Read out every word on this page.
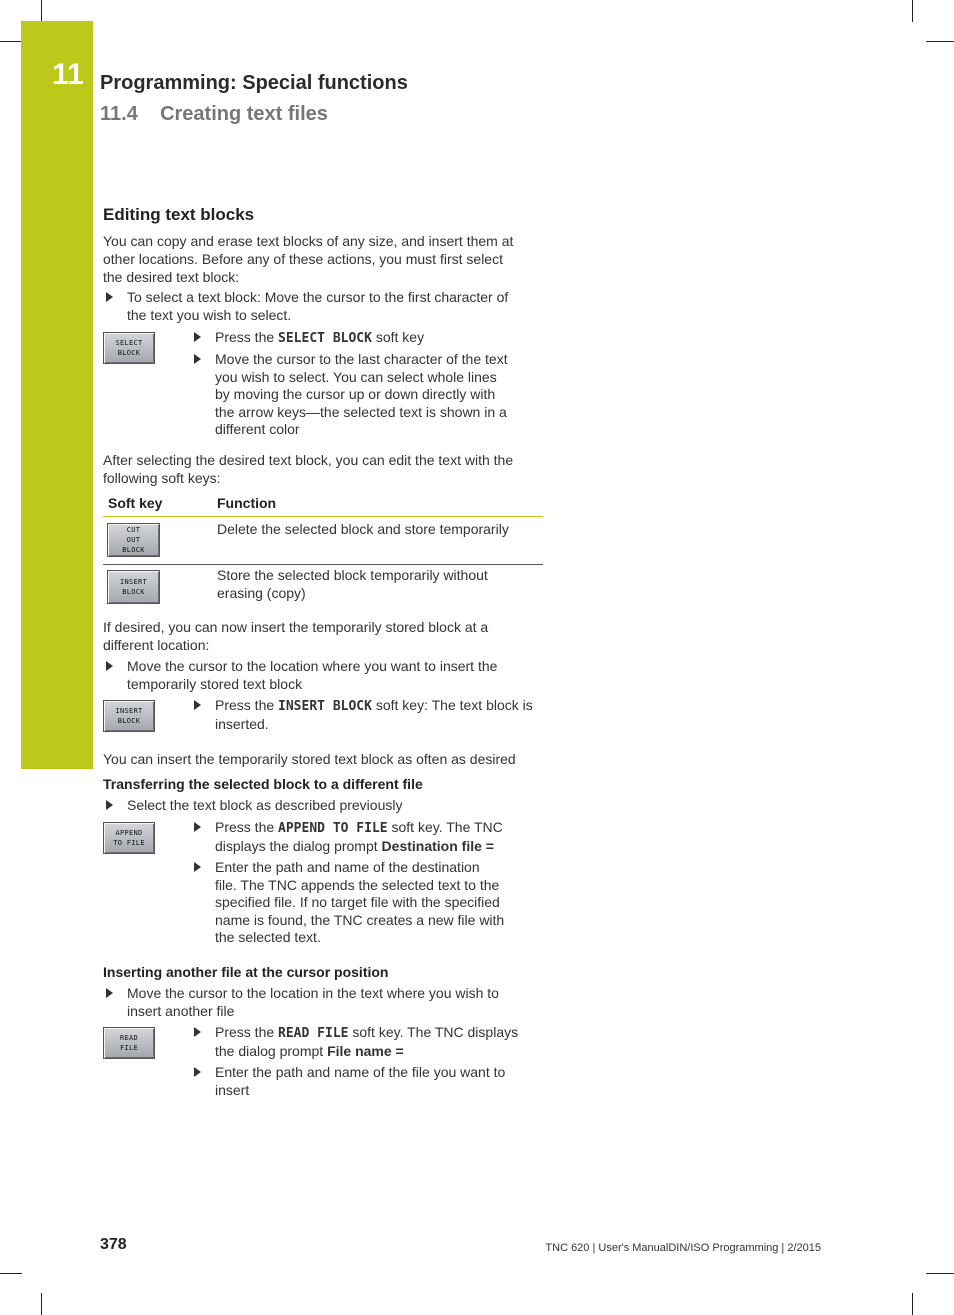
11 Programming: Special functions
11.4 Creating text files
Editing text blocks
You can copy and erase text blocks of any size, and insert them at
other locations. Before any of these actions, you must first select
the desired text block:
To select a text block: Move the cursor to the first character of
the text you wish to select.
SELECT
BLOCK
Press the SELECT BLOCK soft key
Move the cursor to the last character of the text
you wish to select. You can select whole lines
by moving the cursor up or down directly with
the arrow keys—the selected text is shown in a
different color
After selecting the desired text block, you can edit the text with the
following soft keys:
Soft key	Function
CUT
OUT
BLOCK
Delete the selected block and store temporarily
INSERT
BLOCK
Store the selected block temporarily without
erasing (copy)
If desired, you can now insert the temporarily stored block at a
different location:
Move the cursor to the location where you want to insert the
temporarily stored text block
INSERT
BLOCK
Press the INSERT BLOCK soft key: The text block is
inserted.
You can insert the temporarily stored text block as often as desired
Transferring the selected block to a different file
Select the text block as described previously
APPEND
TO FILE
Press the APPEND TO FILE soft key. The TNC
displays the dialog prompt Destination file =
Enter the path and name of the destination
file. The TNC appends the selected text to the
specified file. If no target file with the specified
name is found, the TNC creates a new file with
the selected text.
Inserting another file at the cursor position
Move the cursor to the location in the text where you wish to
insert another file
READ
FILE
Press the READ FILE soft key. The TNC displays
the dialog prompt File name =
Enter the path and name of the file you want to
insert
378	TNC 620 | User's ManualDIN/ISO Programming | 2/2015
